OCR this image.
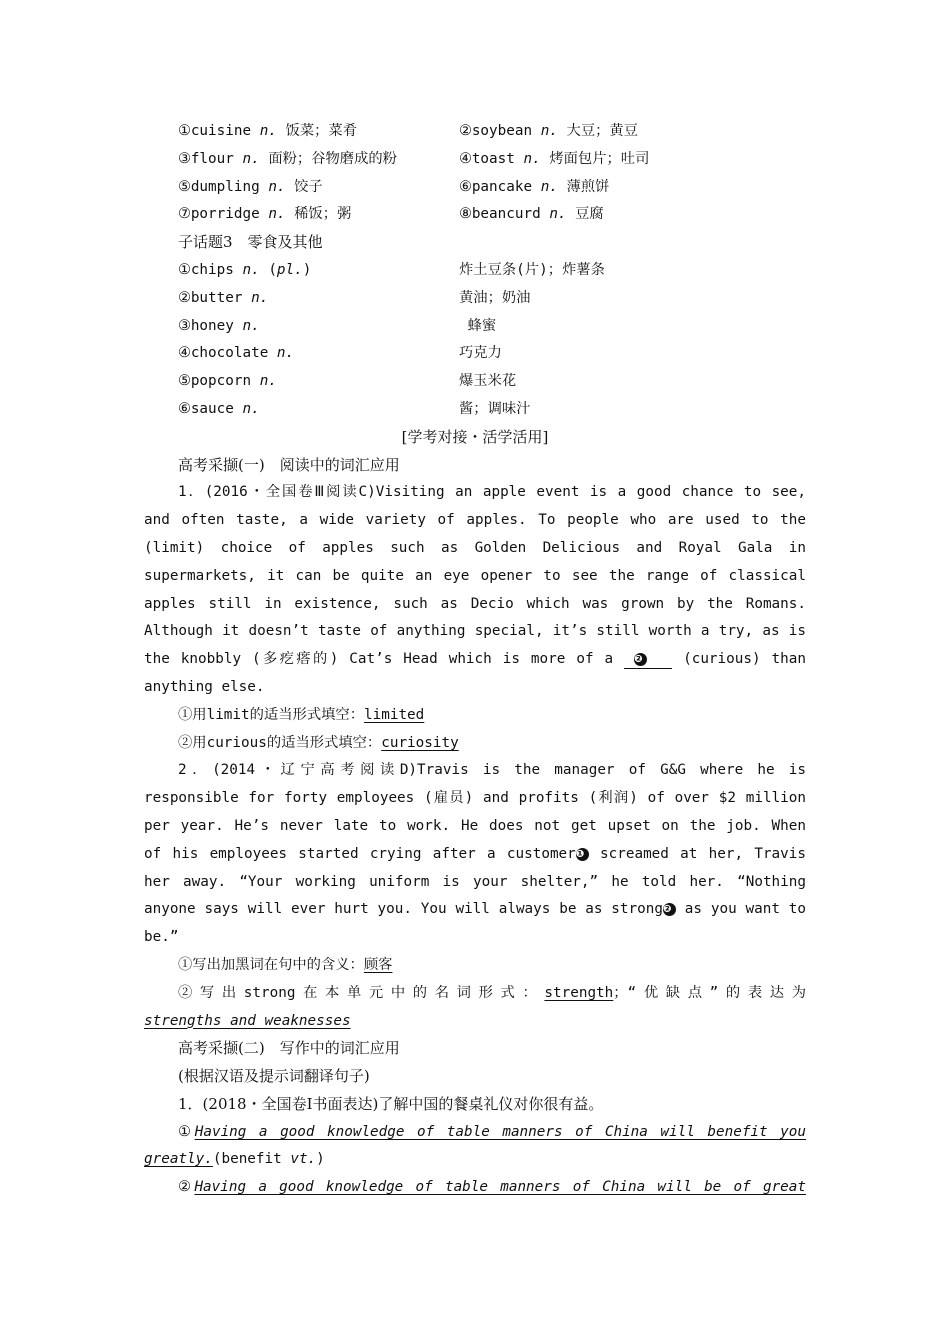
①cuisine n. 饭菜；菜肴	②soybean n. 大豆；黄豆
③flour n. 面粉；谷物磨成的粉	④toast n. 烤面包片；吐司
⑤dumpling n. 饺子	⑥pancake n. 薄煎饼
⑦porridge n. 稀饭；粥	⑧beancurd n. 豆腐
子话题3　零食及其他
①chips n. (pl.)	炸土豆条(片)；炸薯条
②butter n.	黄油；奶油
③honey n.	蜂蜜
④chocolate n.	巧克力
⑤popcorn n.	爆玉米花
⑥sauce n.	酱；调味汁
[学考对接・活学活用]
高考采撷(一)　阅读中的词汇应用
1．(2016・全国卷Ⅲ阅读C)Visiting an apple event is a good chance to see,
and often taste, a wide variety of apples. To people who are used to the
(limit) choice of apples such as Golden Delicious and Royal Gala in
supermarkets, it can be quite an eye opener to see the range of classical
apples still in existence, such as Decio which was grown by the Romans.
Although it doesn’t taste of anything special, it’s still worth a try, as is
the knobbly (多疙瘩的) Cat’s Head which is more of a ❷	(curious) than
anything else.
①用limit的适当形式填空：limited
②用curious的适当形式填空：curiosity
2．(2014・辽宁高考阅读D)Travis is the manager of G&G where he is
responsible for forty employees (雇员) and profits (利润) of over $2 million
per year. He’s never late to work. He does not get upset on the job. When
of his employees started crying after a customer❶ screamed at her, Travis
her away. “Your working uniform is your shelter,” he told her. “Nothing
anyone says will ever hurt you. You will always be as strong❷ as you want to
be.”
①写出加黑词在句中的含义：顾客
②写出strong在本单元中的名词形式：strength；“优缺点”的表达为
strengths and weaknesses
高考采撷(二)　写作中的词汇应用
(根据汉语及提示词翻译句子)
1．(2018・全国卷Ⅰ书面表达)了解中国的餐桌礼仪对你很有益。
①Having a good knowledge of table manners of China will benefit you
greatly.(benefit vt.)
②Having a good knowledge of table manners of China will be of great
